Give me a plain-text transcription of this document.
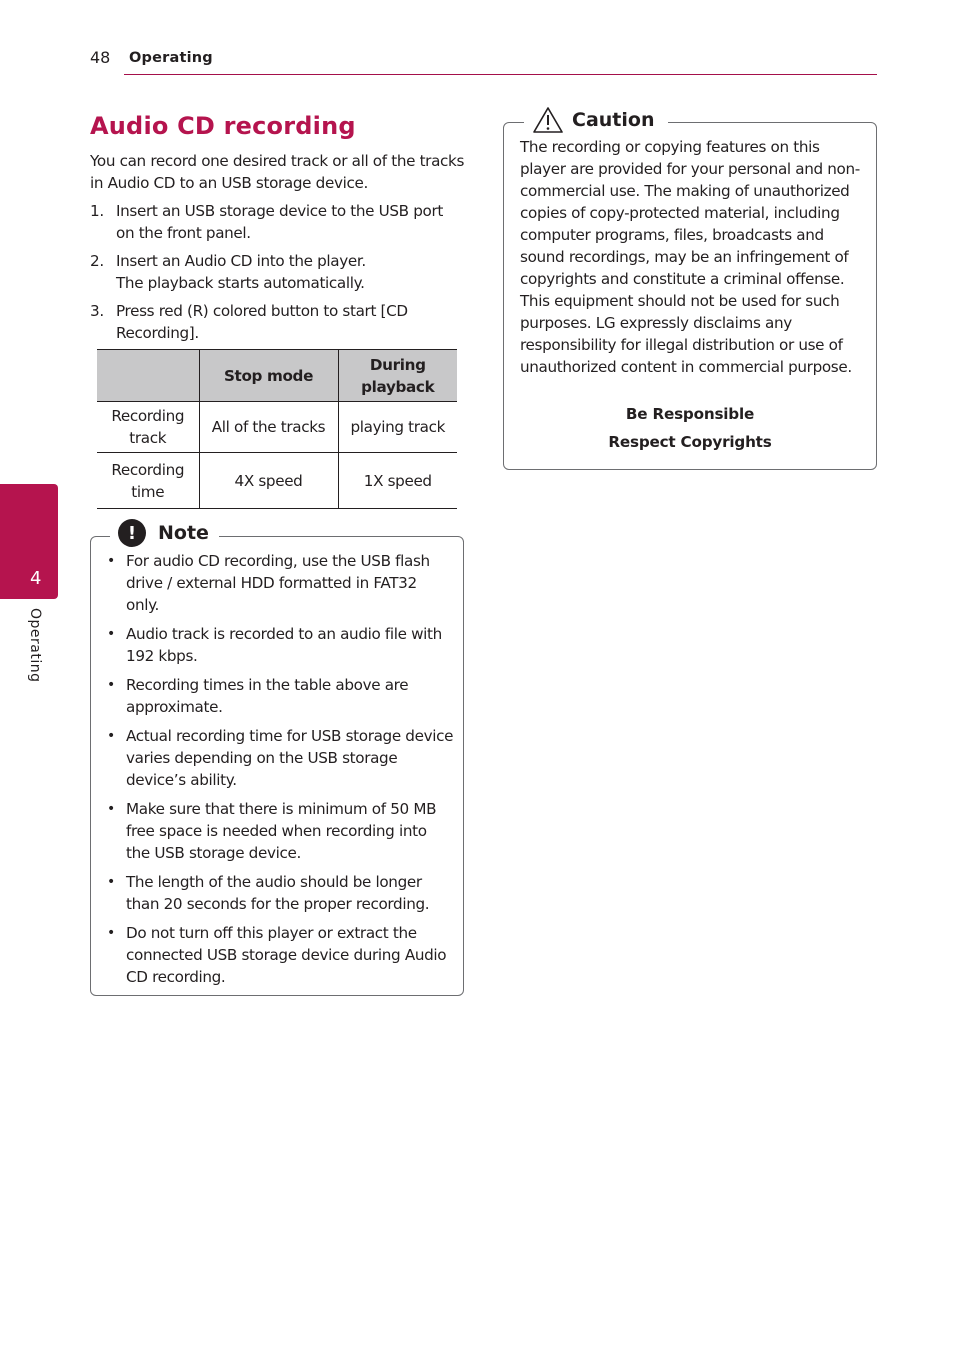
48 Operating
4
Operating
Audio CD recording

You can record one desired track or all of the tracks in Audio CD to an USB storage device.

1. Insert an USB storage device to the USB port on the front panel.
2. Insert an Audio CD into the player.
The playback starts automatically.
3. Press red (R) colored button to start [CD Recording].
	Stop mode	During playback
Recording track	All of the tracks	playing track
Recording time	4X speed	1X speed
!	Note
• For audio CD recording, use the USB flash drive / external HDD formatted in FAT32 only.
• Audio track is recorded to an audio file with 192 kbps.
• Recording times in the table above are approximate.
• Actual recording time for USB storage device varies depending on the USB storage device’s ability.
• Make sure that there is minimum of 50 MB free space is needed when recording into the USB storage device.
• The length of the audio should be longer than 20 seconds for the proper recording.
• Do not turn off this player or extract the connected USB storage device during Audio CD recording.
Caution

The recording or copying features on this player are provided for your personal and non-commercial use. The making of unauthorized copies of copy-protected material, including computer programs, files, broadcasts and sound recordings, may be an infringement of copyrights and constitute a criminal offense. This equipment should not be used for such purposes. LG expressly disclaims any responsibility for illegal distribution or use of unauthorized content in commercial purpose.

Be Responsible
Respect Copyrights
